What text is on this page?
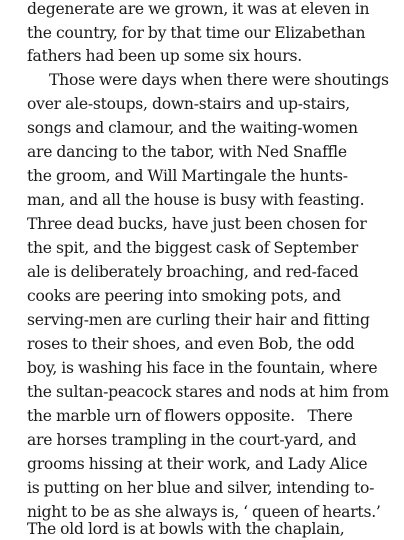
degenerate are we grown, it was at eleven in
the country, for by that time our Elizabethan
fathers had been up some six hours.
Those were days when there were shoutings
over ale-stoups, down-stairs and up-stairs,
songs and clamour, and the waiting-women
are dancing to the tabor, with Ned Snaffle
the groom, and Will Martingale the hunts-
man, and all the house is busy with feasting.
Three dead bucks, have just been chosen for
the spit, and the biggest cask of September
ale is deliberately broaching, and red-faced
cooks are peering into smoking pots, and
serving-men are curling their hair and fitting
roses to their shoes, and even Bob, the odd
boy, is washing his face in the fountain, where
the sultan-peacock stares and nods at him from
the marble urn of flowers opposite.   There
are horses trampling in the court-yard, and
grooms hissing at their work, and Lady Alice
is putting on her blue and silver, intending to-
night to be as she always is, ‘ queen of hearts.’
The old lord is at bowls with the chaplain,
